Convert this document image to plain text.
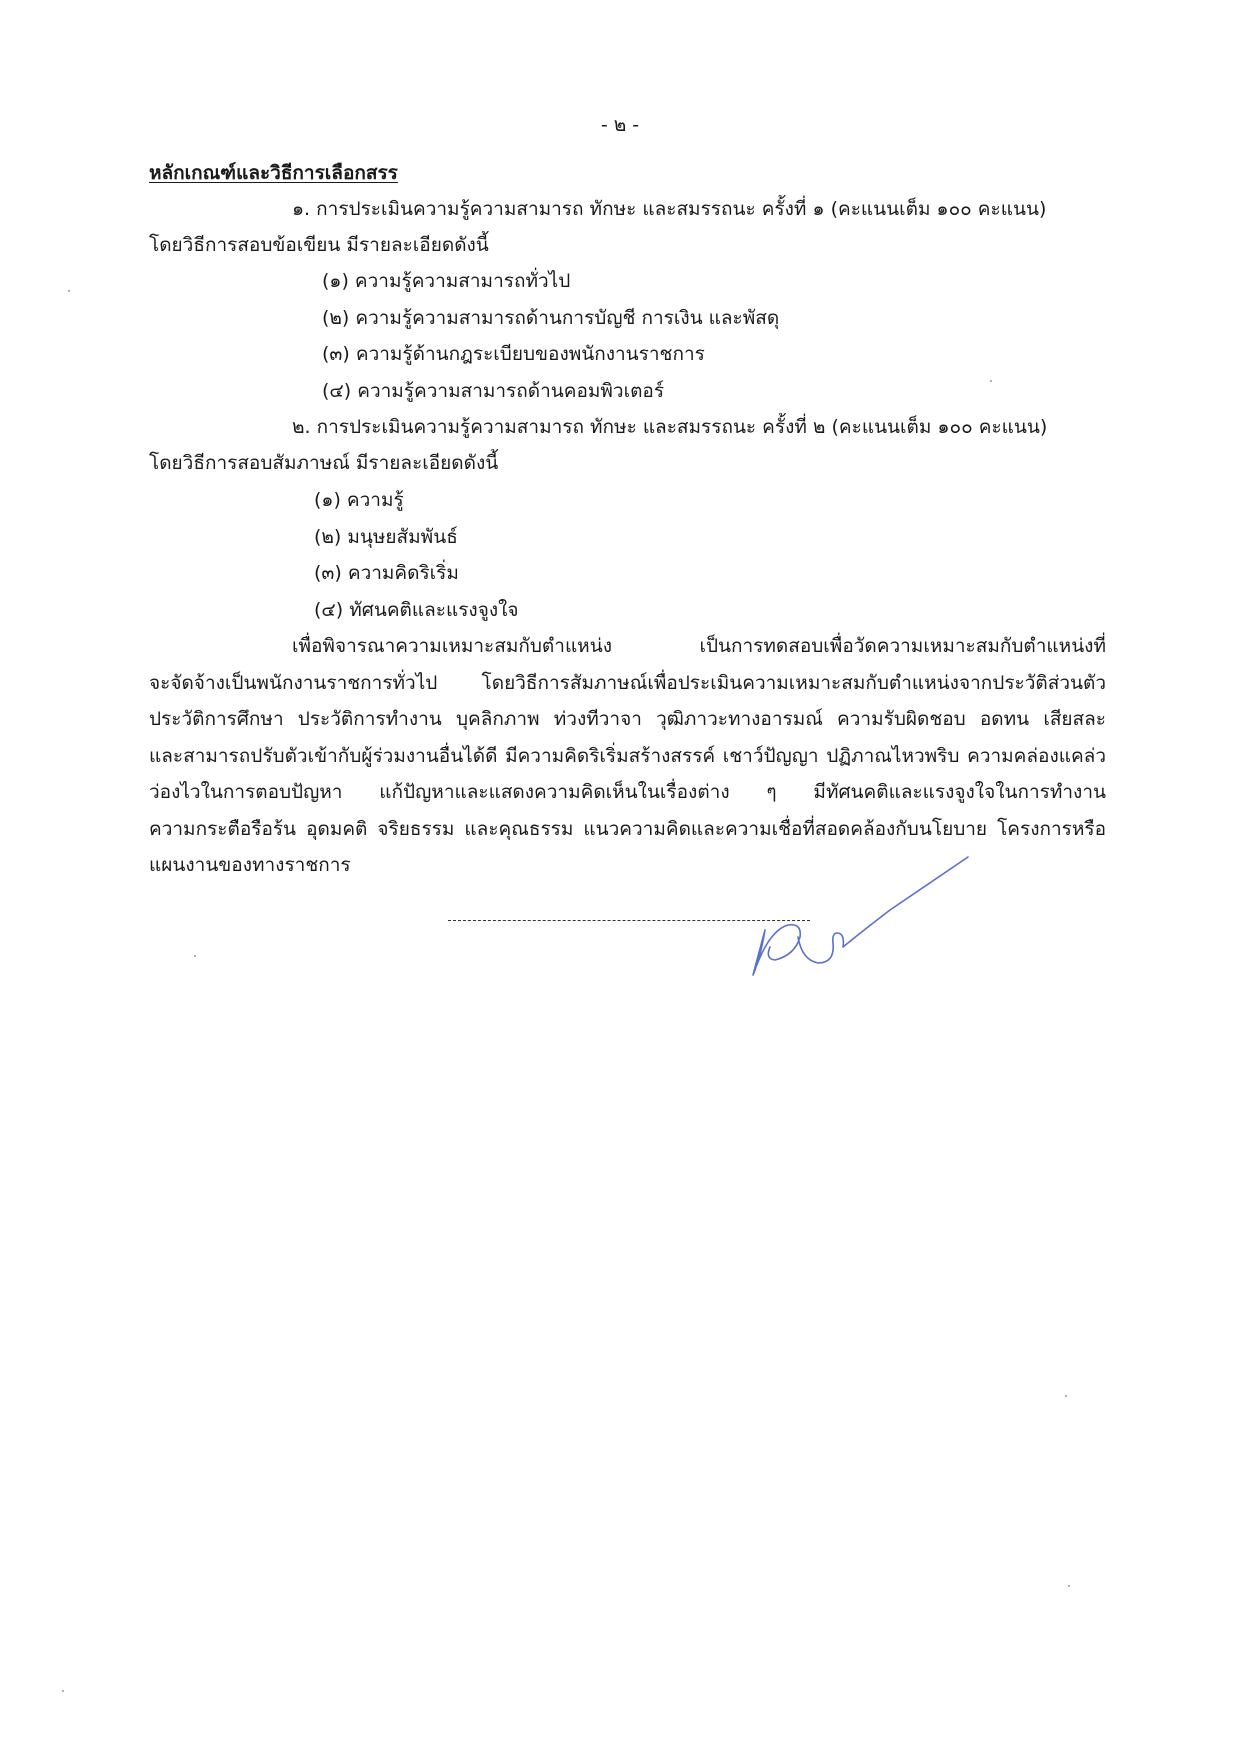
- ๒ -
หลักเกณฑ์และวิธีการเลือกสรร
๑. การประเมินความรู้ความสามารถ ทักษะ และสมรรถนะ ครั้งที่ ๑ (คะแนนเต็ม ๑๐๐ คะแนน)
โดยวิธีการสอบข้อเขียน มีรายละเอียดดังนี้
(๑) ความรู้ความสามารถทั่วไป
(๒) ความรู้ความสามารถด้านการบัญชี การเงิน และพัสดุ
(๓) ความรู้ด้านกฎระเบียบของพนักงานราชการ
(๔) ความรู้ความสามารถด้านคอมพิวเตอร์
๒. การประเมินความรู้ความสามารถ ทักษะ และสมรรถนะ ครั้งที่ ๒ (คะแนนเต็ม ๑๐๐ คะแนน)
โดยวิธีการสอบสัมภาษณ์ มีรายละเอียดดังนี้
(๑) ความรู้
(๒) มนุษยสัมพันธ์
(๓) ความคิดริเริ่ม
(๔) ทัศนคติและแรงจูงใจ
เพื่อพิจารณาความเหมาะสมกับตำแหน่ง เป็นการทดสอบเพื่อวัดความเหมาะสมกับตำแหน่งที่
จะจัดจ้างเป็นพนักงานราชการทั่วไป โดยวิธีการสัมภาษณ์เพื่อประเมินความเหมาะสมกับตำแหน่งจากประวัติส่วนตัว
ประวัติการศึกษา ประวัติการทำงาน บุคลิกภาพ ท่วงทีวาจา วุฒิภาวะทางอารมณ์ ความรับผิดชอบ อดทน เสียสละ
และสามารถปรับตัวเข้ากับผู้ร่วมงานอื่นได้ดี มีความคิดริเริ่มสร้างสรรค์ เชาว์ปัญญา ปฏิภาณไหวพริบ ความคล่องแคล่ว
ว่องไวในการตอบปัญหา แก้ปัญหาและแสดงความคิดเห็นในเรื่องต่าง ๆ มีทัศนคติและแรงจูงใจในการทำงาน
ความกระตือรือร้น อุดมคติ จริยธรรม และคุณธรรม แนวความคิดและความเชื่อที่สอดคล้องกับนโยบาย โครงการหรือ
แผนงานของทางราชการ
